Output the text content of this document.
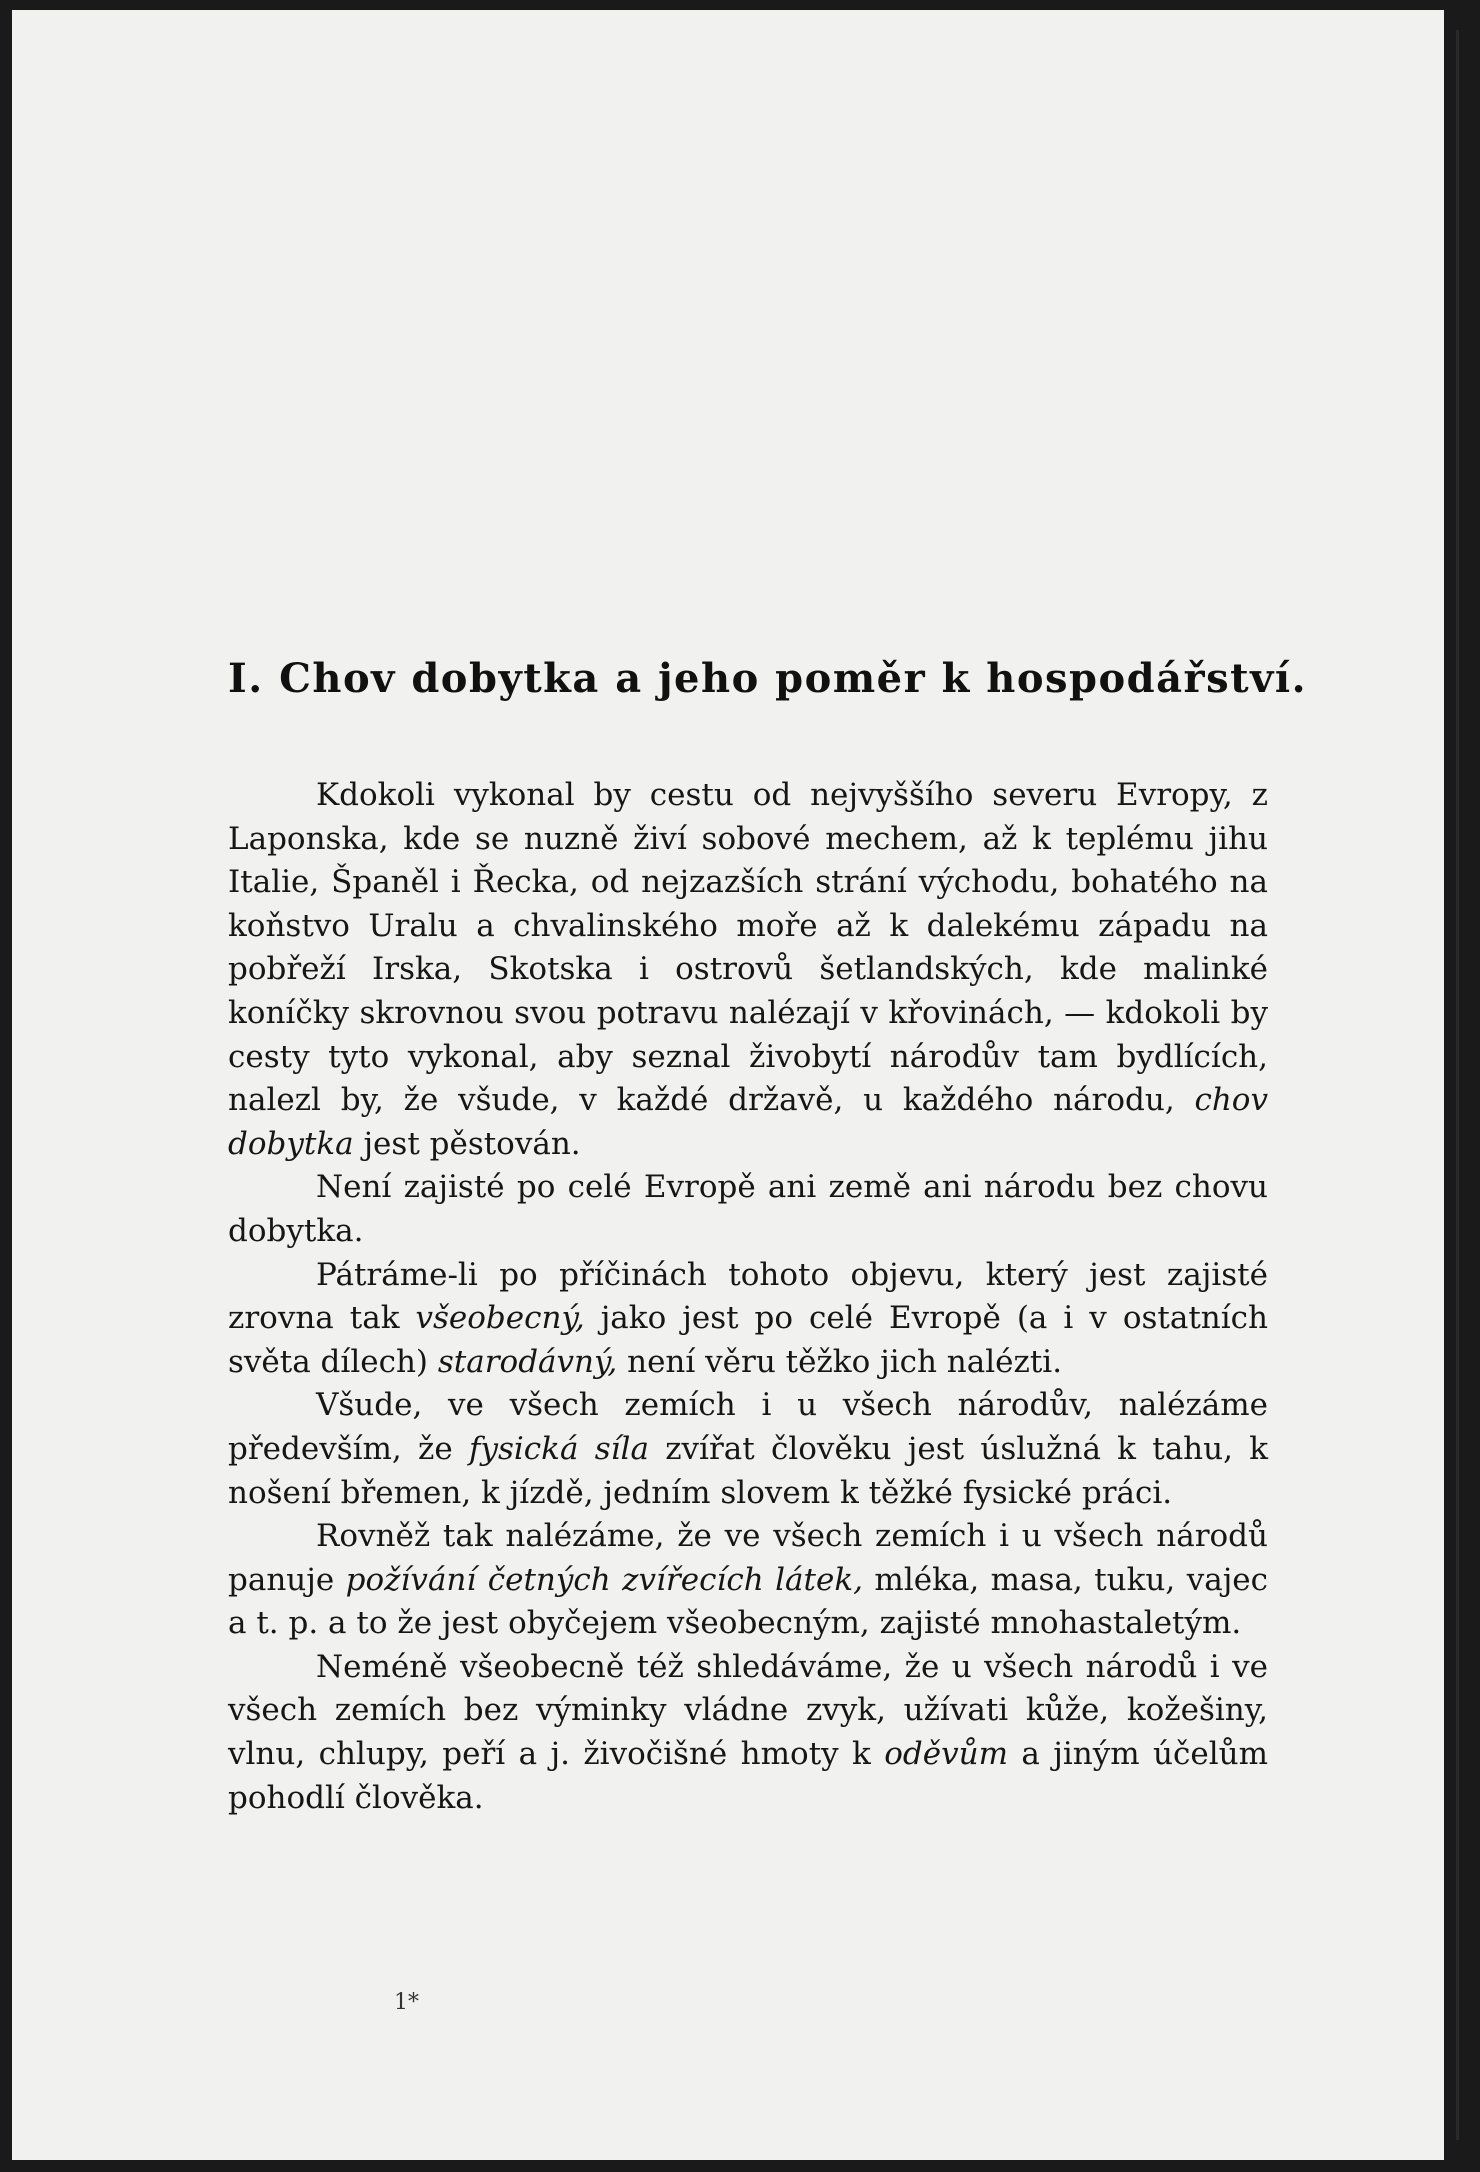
I. Chov dobytka a jeho poměr k hospodářství.

Kdokoli vykonal by cestu od nejvyššího severu Evropy, z Laponska, kde se nuzně živí sobové mechem, až k teplému jihu Italie, Španěl i Řecka, od nejzazších strání východu, bohatého na koňstvo Uralu a chvalinského moře až k dalekému západu na pobřeží Irska, Skotska i ostrovů šetlandských, kde malinké koníčky skrovnou svou potravu nalézají v křovinách, — kdokoli by cesty tyto vykonal, aby seznal živobytí národův tam bydlících, nalezl by, že všude, v každé državě, u každého národu, chov dobytka jest pěstován.

Není zajisté po celé Evropě ani země ani národu bez chovu dobytka.

Pátráme-li po příčinách tohoto objevu, který jest zajisté zrovna tak všeobecný, jako jest po celé Evropě (a i v ostatních světa dílech) starodávný, není věru těžko jich nalézti.

Všude, ve všech zemích i u všech národův, nalézáme především, že fysická síla zvířat člověku jest úslužná k tahu, k nošení břemen, k jízdě, jedním slovem k těžké fysické práci.

Rovněž tak nalézáme, že ve všech zemích i u všech národů panuje požívání četných zvířecích látek, mléka, masa, tuku, vajec a t. p. a to že jest obyčejem všeobecným, zajisté mnohastaletým.

Neméně všeobecně též shledáváme, že u všech národů i ve všech zemích bez výminky vládne zvyk, užívati kůže, kožešiny, vlnu, chlupy, peří a j. živočišné hmoty k oděvům a jiným účelům pohodlí člověka.

1*
